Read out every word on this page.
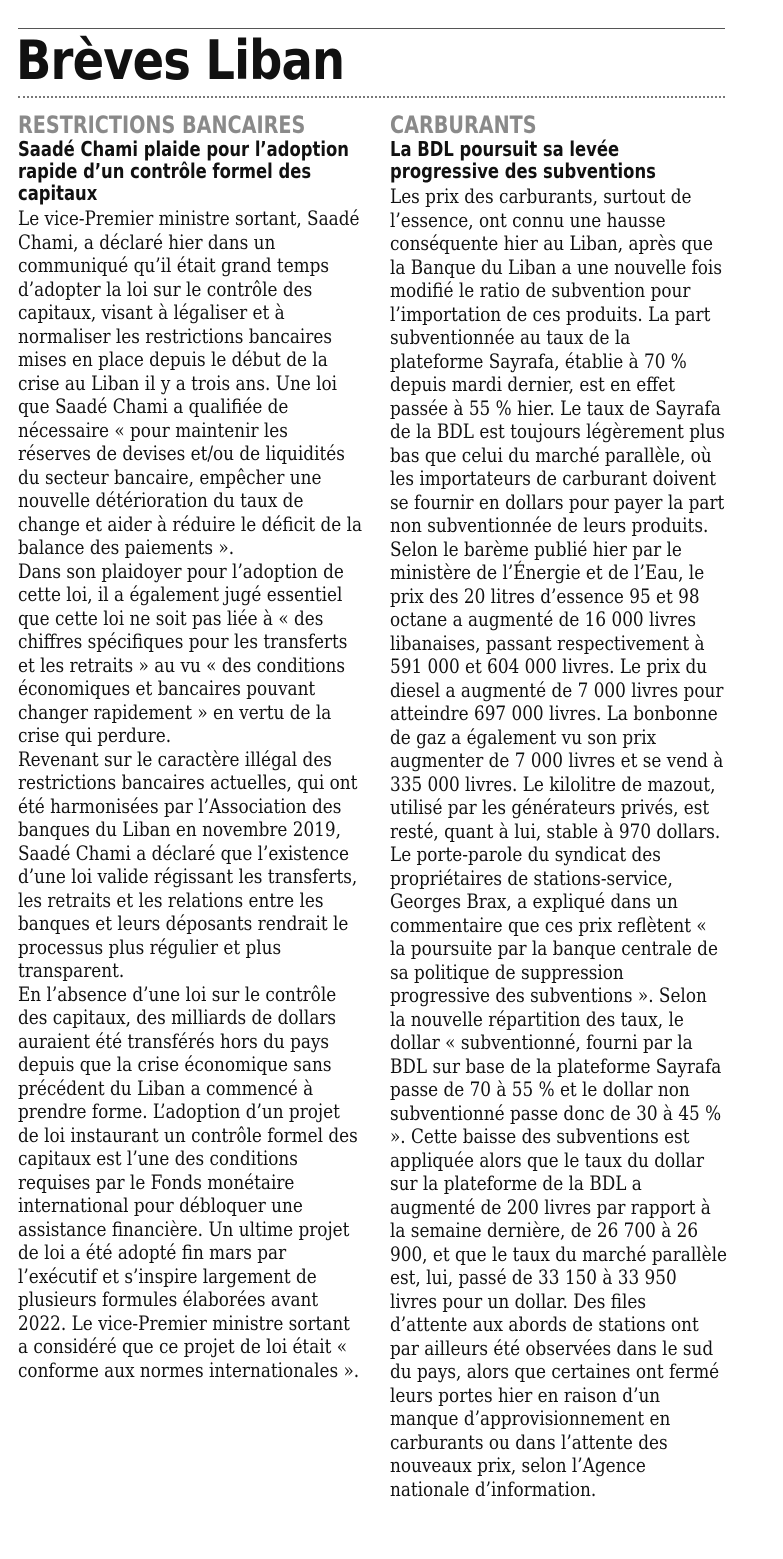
Brèves Liban
RESTRICTIONS BANCAIRES
Saadé Chami plaide pour l’adoption rapide d’un contrôle formel des capitaux

Le vice-Premier ministre sortant, Saadé Chami, a déclaré hier dans un communiqué qu’il était grand temps d’adopter la loi sur le contrôle des capitaux, visant à légaliser et à normaliser les restrictions bancaires mises en place depuis le début de la crise au Liban il y a trois ans. Une loi que Saadé Chami a qualifiée de nécessaire « pour maintenir les réserves de devises et/ou de liquidités du secteur bancaire, empêcher une nouvelle détérioration du taux de change et aider à réduire le déficit de la balance des paiements ».

Dans son plaidoyer pour l’adoption de cette loi, il a également jugé essentiel que cette loi ne soit pas liée à « des chiffres spécifiques pour les transferts et les retraits » au vu « des conditions économiques et bancaires pouvant changer rapidement » en vertu de la crise qui perdure.

Revenant sur le caractère illégal des restrictions bancaires actuelles, qui ont été harmonisées par l’Association des banques du Liban en novembre 2019, Saadé Chami a déclaré que l’existence d’une loi valide régissant les transferts, les retraits et les relations entre les banques et leurs déposants rendrait le processus plus régulier et plus transparent.

En l’absence d’une loi sur le contrôle des capitaux, des milliards de dollars auraient été transférés hors du pays depuis que la crise économique sans précédent du Liban a commencé à prendre forme. L’adoption d’un projet de loi instaurant un contrôle formel des capitaux est l’une des conditions requises par le Fonds monétaire international pour débloquer une assistance financière. Un ultime projet de loi a été adopté fin mars par l’exécutif et s’inspire largement de plusieurs formules élaborées avant 2022. Le vice-Premier ministre sortant a considéré que ce projet de loi était « conforme aux normes internationales ».

CARBURANTS
La BDL poursuit sa levée progressive des subventions

Les prix des carburants, surtout de l’essence, ont connu une hausse conséquente hier au Liban, après que la Banque du Liban a une nouvelle fois modifié le ratio de subvention pour l’importation de ces produits. La part subventionnée au taux de la plateforme Sayrafa, établie à 70 % depuis mardi dernier, est en effet passée à 55 % hier. Le taux de Sayrafa de la BDL est toujours légèrement plus bas que celui du marché parallèle, où les importateurs de carburant doivent se fournir en dollars pour payer la part non subventionnée de leurs produits.

Selon le barème publié hier par le ministère de l’Énergie et de l’Eau, le prix des 20 litres d’essence 95 et 98 octane a augmenté de 16 000 livres libanaises, passant respectivement à 591 000 et 604 000 livres. Le prix du diesel a augmenté de 7 000 livres pour atteindre 697 000 livres. La bonbonne de gaz a également vu son prix augmenter de 7 000 livres et se vend à 335 000 livres. Le kilolitre de mazout, utilisé par les générateurs privés, est resté, quant à lui, stable à 970 dollars. Le porte-parole du syndicat des propriétaires de stations-service, Georges Brax, a expliqué dans un commentaire que ces prix reflètent « la poursuite par la banque centrale de sa politique de suppression progressive des subventions ». Selon la nouvelle répartition des taux, le dollar « subventionné, fourni par la BDL sur base de la plateforme Sayrafa passe de 70 à 55 % et le dollar non subventionné passe donc de 30 à 45 % ». Cette baisse des subventions est appliquée alors que le taux du dollar sur la plateforme de la BDL a augmenté de 200 livres par rapport à la semaine dernière, de 26 700 à 26 900, et que le taux du marché parallèle est, lui, passé de 33 150 à 33 950 livres pour un dollar. Des files d’attente aux abords de stations ont par ailleurs été observées dans le sud du pays, alors que certaines ont fermé leurs portes hier en raison d’un manque d’approvisionnement en carburants ou dans l’attente des nouveaux prix, selon l’Agence nationale d’information.
